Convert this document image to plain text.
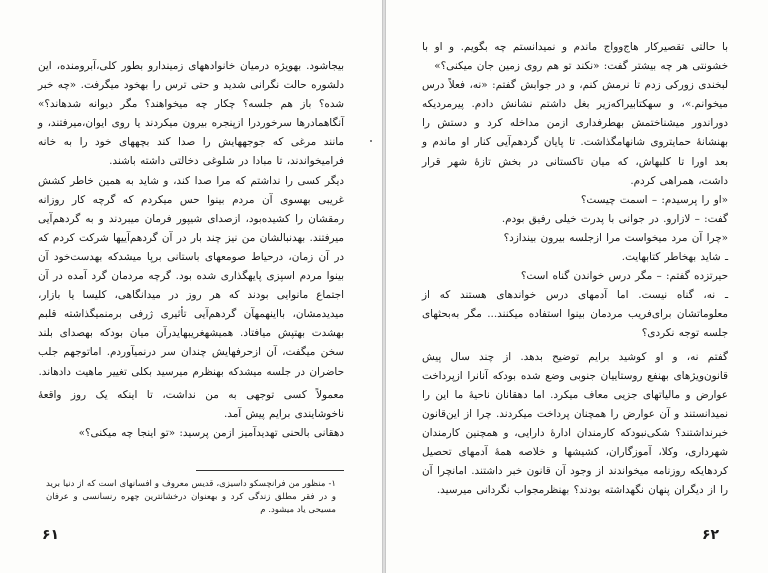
بیجاشود. بهویژه درمیان خانوادههای زمیندارو بطور کلی،آبرومنده، این دلشوره حالت نگرانی شدید و حتی ترس را بهخود میگرفت. «چه خبر شده؟ باز هم جلسه؟ چکار چه میخواهند؟ مگر دیوانه شدهاند؟» آنگاهمادرها سرخوردرا ازپنجره بیرون میکردند یا روی ایوان،میرفتند، و مانند مرغی که جوجههایش را صدا کند بچههای خود را به خانه فرامیخواندند، تا مبادا در شلوغی دخالتی داشته باشند.

دیگر کسی را نداشتم که مرا صدا کند، و شاید به همین خاطر کشش غریبی بهسوی آن مردم بینوا حس میکردم که گرچه کار روزانه رمقشان را کشیده‌بود، ازصدای شیپور فرمان میبردند و به گردهم‌آیی میرفتند. بهدنبالشان من نیز چند بار در آن گردهم‌آییها شرکت کردم که در آن زمان، درحیاط صومعهای باستانی برپا میشدکه بهدست‌خود آن بینوا مردم اسپزی پایهگذاری شده بود. گرچه مردمان گرد آمده در آن اجتماع مانوایی بودند که هر روز در میدانگاهی، کلیسا یا بازار، میدیدمشان، بااینهمهآن گردهم‌آیی تأثیری ژرفی برمنمیگذاشته قلبم بهشدت بهتپش میافتاد. همیشهغریبهایدرآن میان بودکه بهصدای بلند سخن میگفت، آن ازحرفهایش چندان سر درنمیآوردم. اماتوجهم جلب حاضران در جلسه میشدکه بهنظرم میرسید بکلی تغییر ماهیت دادهاند.

معمولاً کسی توجهی به من نداشت، تا اینکه یک روز واقعهٔ ناخوشایندی برایم پیش آمد.

دهقانی بالحنی تهدیدآمیز ازمن پرسید: «تو اینجا چه میکنی؟»

۱- منظور من فرانچسکو داسیزی، قدیس معروف و افسانهای است که از دنیا برید و در فقر مطلق زندگی کرد و بهعنوان درخشانترین چهره رنسانسی و عرفان مسیحی یاد میشود. م
۶۱

با حالتی تقصیرکار هاج‌وواج ماندم و نمیدانستم چه بگویم. و او با خشونتی هر چه بیشتر گفت: «نکند تو هم روی زمین جان میکنی؟»

لبخندی زورکی زدم تا نرمش کنم، و در جوابش گفتم: «نه، فعلاً درس میخوانم.»، و سهکتابیراکه‌زیر بغل داشتم نشانش دادم. پیرمردیکه دوراندور میشناختمش بهطرفداری ازمن مداخله کرد و دستش را بهنشانهٔ حمایتروی شانهامگذاشت. تا پایان گردهم‌آیی کنار او ماندم و بعد اورا تا کلبهاش، که میان تاکستانی در بخش تازهٔ شهر قرار داشت، همراهی کردم.

«او را پرسیدم: – اسمت چیست؟

گفت: – لازارو. در جوانی با پدرت خیلی رفیق بودم.

«چرا آن مرد میخواست مرا ازجلسه بیرون بیندازد؟

ـ شاید بهخاطر کتابهایت.

حیرتزده گفتم: – مگر درس خواندن گناه است؟

ـ نه، گناه نیست. اما آدمهای درس خواندهای هستند که از معلوماتشان برای‌فریب مردمان بینوا استفاده میکنند... مگر به‌بحثهای جلسه توجه نکردی؟

گفتم نه، و او کوشید برایم توضیح بدهد. از چند سال پیش قانون‌ویژهای بهنفع روستاییان جنوبی وضع شده بودکه آنانرا ازپرداخت عوارض و مالیاتهای جزیی معاف میکرد. اما دهقانان ناحیهٔ ما این را نمیدانستند و آن عوارض را همچنان پرداخت میکردند. چرا از این‌قانون خبرنداشتند؟ شکی‌نبودکه کارمندان ادارهٔ دارایی، و همچنین کارمندان شهرداری، وکلا، آموزگاران، کشیشها و خلاصه همهٔ آدمهای تحصیل کردهایکه روزنامه میخواندند از وجود آن قانون خبر داشتند. امانچرا آن را از دیگران پنهان نگهداشته بودند؟ بهنظرمجواب نگردانی میرسید.

۶۲
